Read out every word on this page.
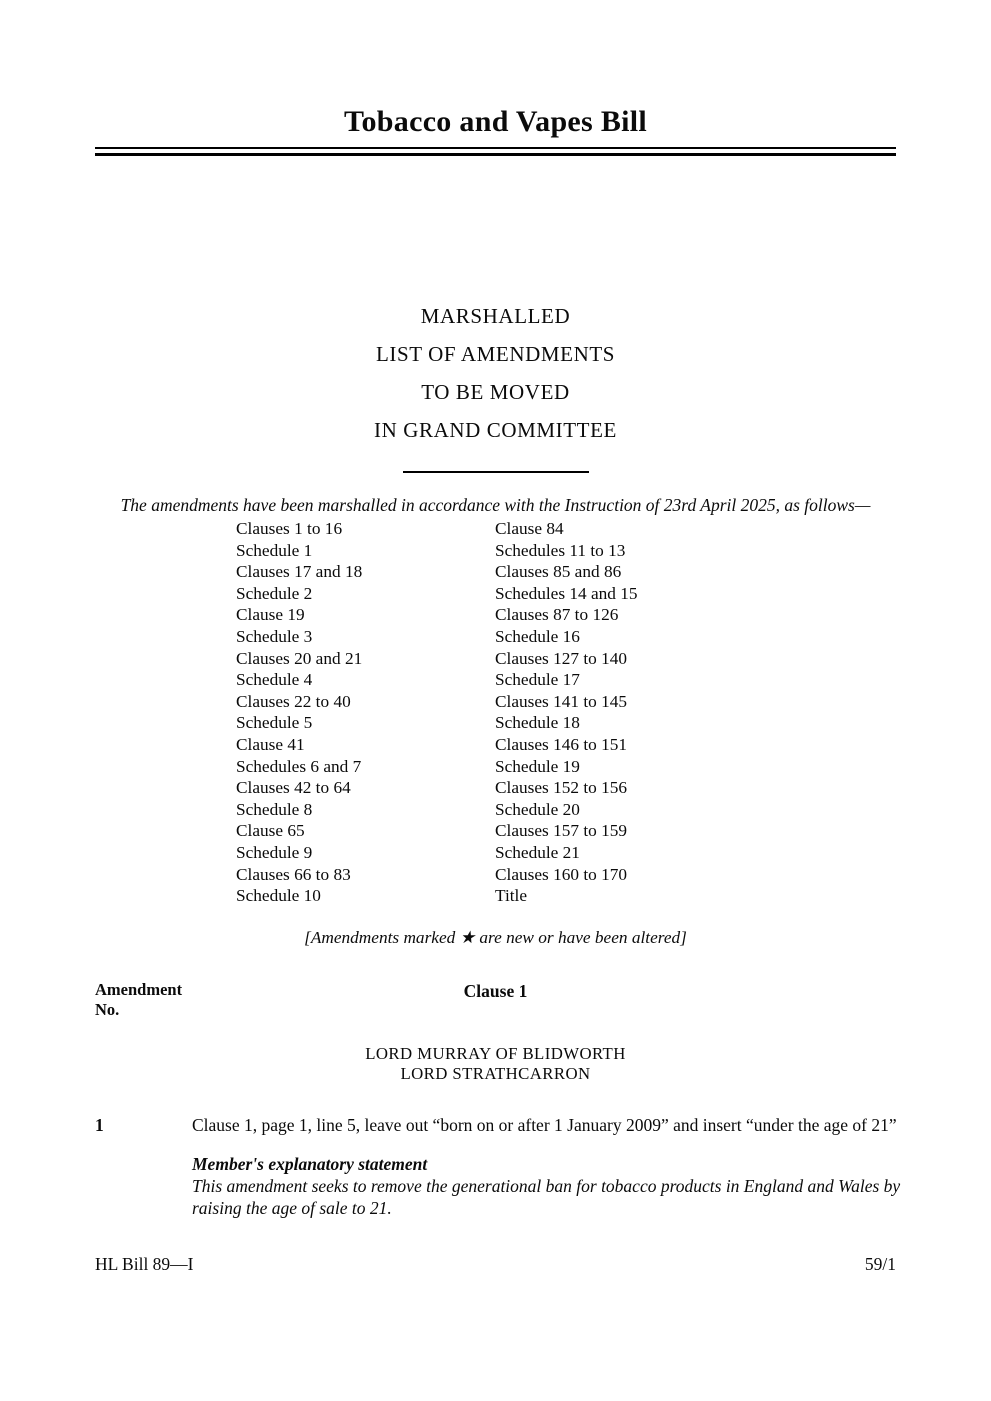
Tobacco and Vapes Bill
MARSHALLED
LIST OF AMENDMENTS
TO BE MOVED
IN GRAND COMMITTEE

The amendments have been marshalled in accordance with the Instruction of 23rd April 2025, as follows—

Clauses 1 to 16
Schedule 1
Clauses 17 and 18
Schedule 2
Clause 19
Schedule 3
Clauses 20 and 21
Schedule 4
Clauses 22 to 40
Schedule 5
Clause 41
Schedules 6 and 7
Clauses 42 to 64
Schedule 8
Clause 65
Schedule 9
Clauses 66 to 83
Schedule 10
Clause 84
Schedules 11 to 13
Clauses 85 and 86
Schedules 14 and 15
Clauses 87 to 126
Schedule 16
Clauses 127 to 140
Schedule 17
Clauses 141 to 145
Schedule 18
Clauses 146 to 151
Schedule 19
Clauses 152 to 156
Schedule 20
Clauses 157 to 159
Schedule 21
Clauses 160 to 170
Title

[Amendments marked ★ are new or have been altered]

Amendment
No.
Clause 1
LORD MURRAY OF BLIDWORTH
LORD STRATHCARRON
1	Clause 1, page 1, line 5, leave out “born on or after 1 January 2009” and insert “under the age of 21”

Member's explanatory statement

This amendment seeks to remove the generational ban for tobacco products in England and Wales by raising the age of sale to 21.

HL Bill 89—I	59/1
